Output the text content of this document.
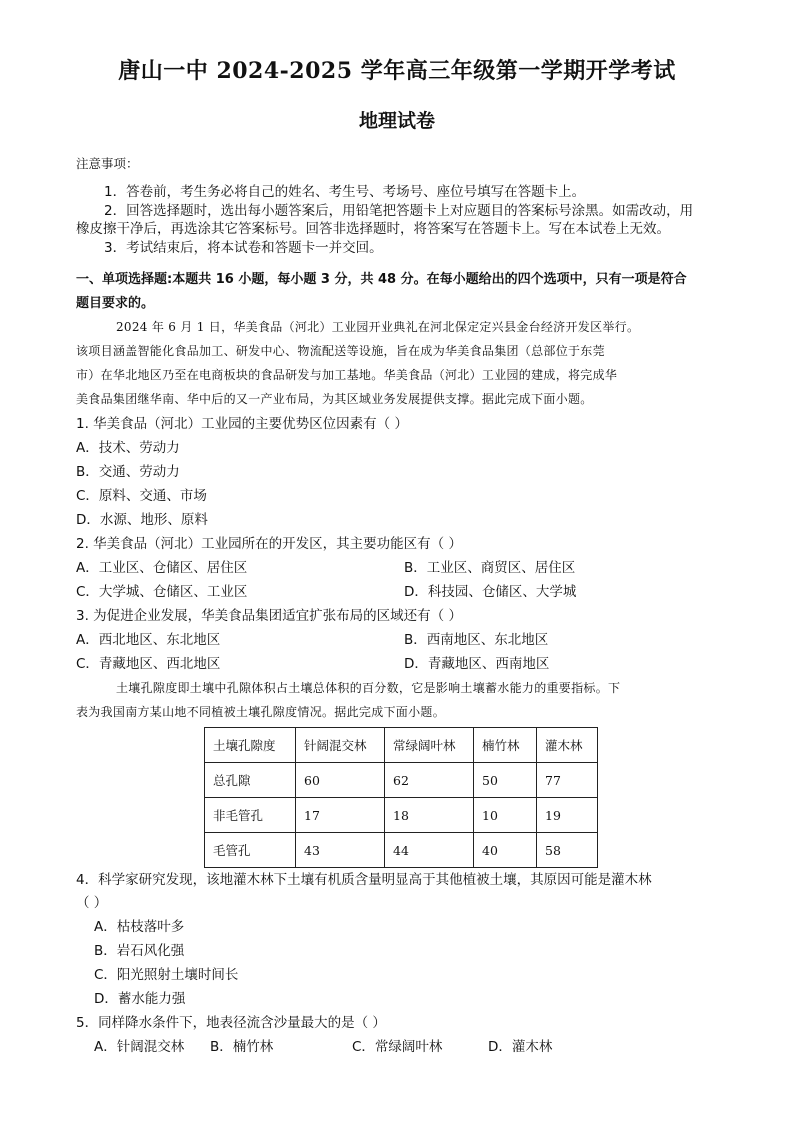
唐山一中 2024-2025 学年高三年级第一学期开学考试
地理试卷
注意事项：
1．答卷前，考生务必将自己的姓名、考生号、考场号、座位号填写在答题卡上。
2．回答选择题时，选出每小题答案后，用铅笔把答题卡上对应题目的答案标号涂黑。如需改动，用
橡皮擦干净后，再选涂其它答案标号。回答非选择题时，将答案写在答题卡上。写在本试卷上无效。
3．考试结束后，将本试卷和答题卡一并交回。
一、单项选择题:本题共 16 小题，每小题 3 分，共 48 分。在每小题给出的四个选项中，只有一项是符合
题目要求的。
2024 年 6 月 1 日，华美食品（河北）工业园开业典礼在河北保定定兴县金台经济开发区举行。
该项目涵盖智能化食品加工、研发中心、物流配送等设施，旨在成为华美食品集团（总部位于东莞
市）在华北地区乃至在电商板块的食品研发与加工基地。华美食品（河北）工业园的建成，将完成华
美食品集团继华南、华中后的又一产业布局，为其区域业务发展提供支撑。据此完成下面小题。
1. 华美食品（河北）工业园的主要优势区位因素有（ ）
A．技术、劳动力
B．交通、劳动力
C．原料、交通、市场
D．水源、地形、原料
2. 华美食品（河北）工业园所在的开发区，其主要功能区有（ ）
A．工业区、仓储区、居住区	B．工业区、商贸区、居住区
C．大学城、仓储区、工业区	D．科技园、仓储区、大学城
3. 为促进企业发展，华美食品集团适宜扩张布局的区域还有（ ）
A．西北地区、东北地区	B．西南地区、东北地区
C．青藏地区、西北地区	D．青藏地区、西南地区
土壤孔隙度即土壤中孔隙体积占土壤总体积的百分数，它是影响土壤蓄水能力的重要指标。下
表为我国南方某山地不同植被土壤孔隙度情况。据此完成下面小题。
土壤孔隙度	针阔混交林	常绿阔叶林	楠竹林	灌木林
总孔隙	60	62	50	77
非毛管孔	17	18	10	19
毛管孔	43	44	40	58
4．科学家研究发现，该地灌木林下土壤有机质含量明显高于其他植被土壤，其原因可能是灌木林
（ ）
A．枯枝落叶多
B．岩石风化强
C．阳光照射土壤时间长
D．蓄水能力强
5．同样降水条件下，地表径流含沙量最大的是（ ）
A．针阔混交林 B．楠竹林	C．常绿阔叶林	D．灌木林
